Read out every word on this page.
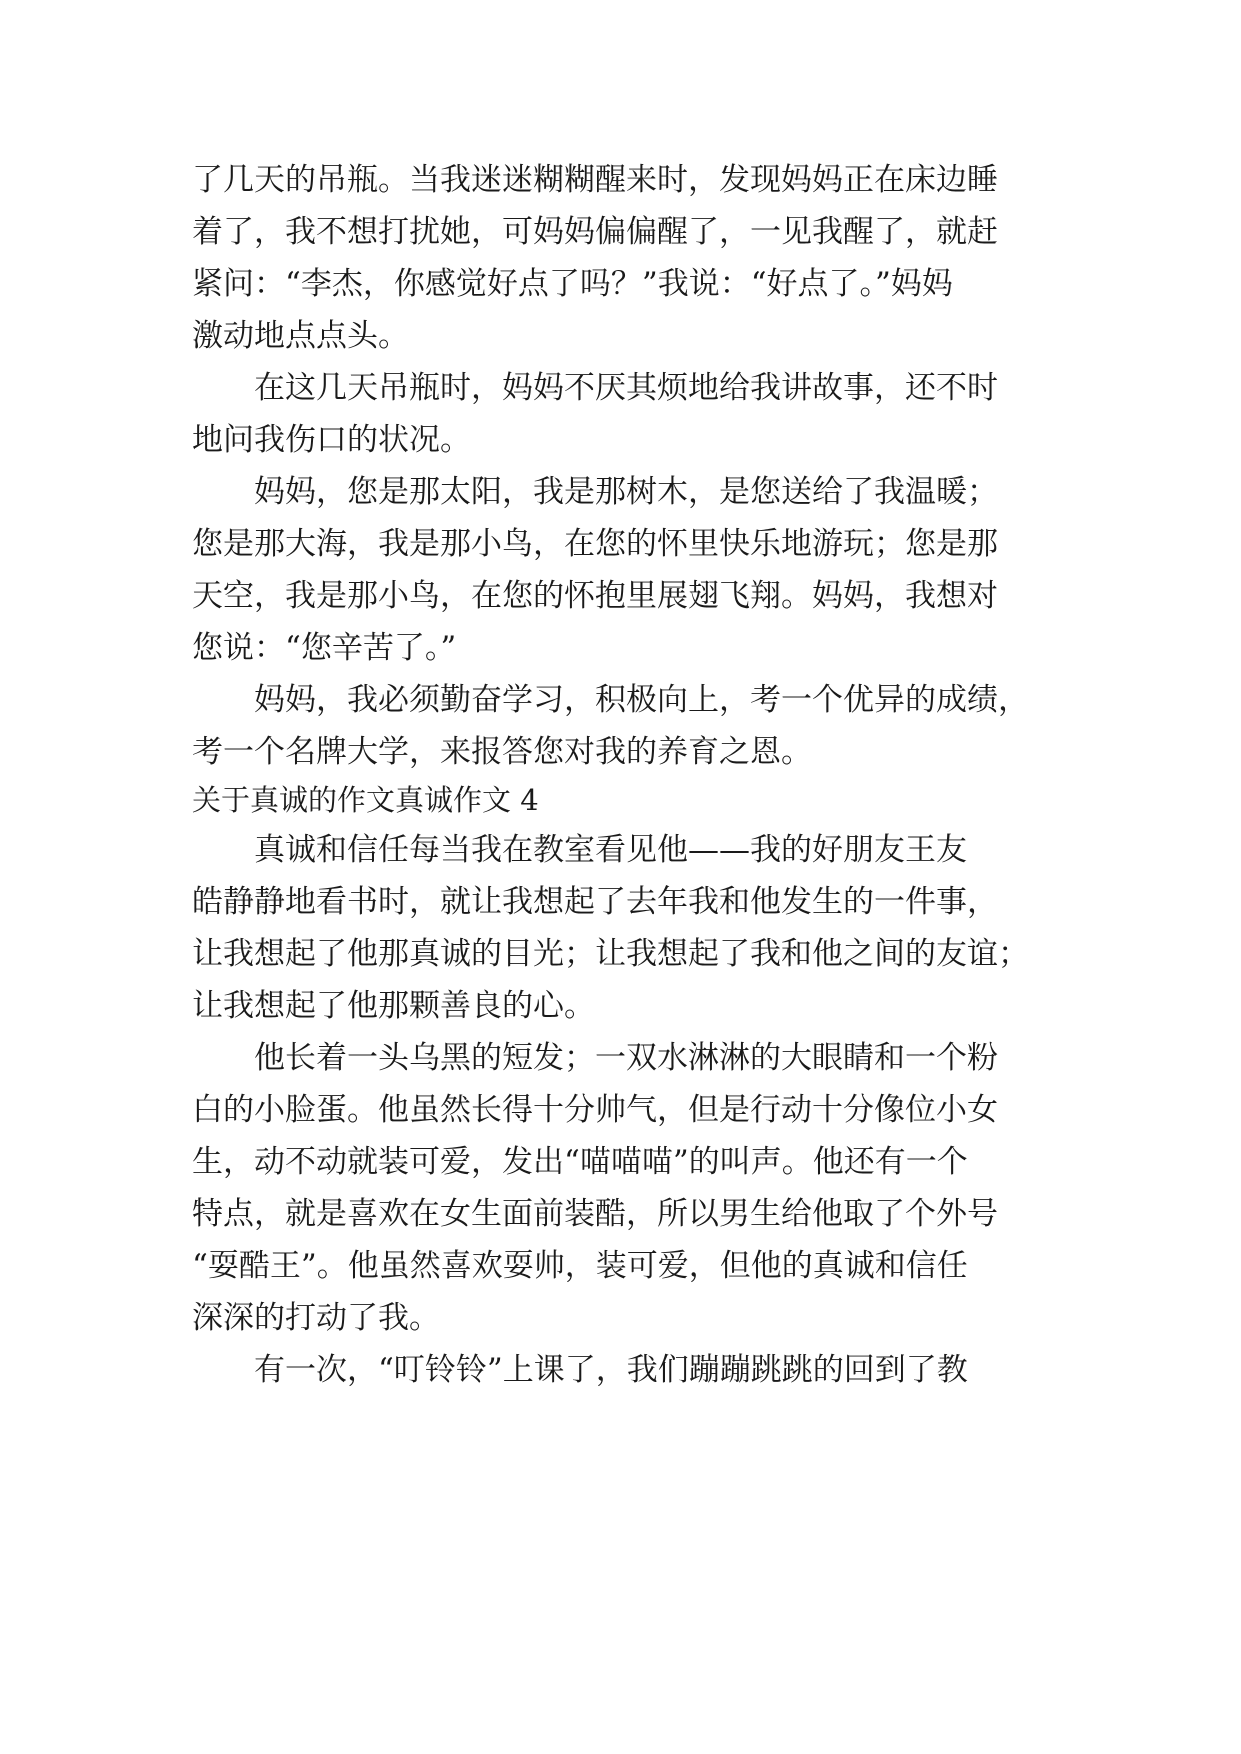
了几天的吊瓶。当我迷迷糊糊醒来时，发现妈妈正在床边睡
着了，我不想打扰她，可妈妈偏偏醒了，一见我醒了，就赶
紧问：“李杰，你感觉好点了吗？”我说：“好点了。”妈妈
激动地点点头。
在这几天吊瓶时，妈妈不厌其烦地给我讲故事，还不时
地问我伤口的状况。
妈妈，您是那太阳，我是那树木，是您送给了我温暖；
您是那大海，我是那小鸟，在您的怀里快乐地游玩；您是那
天空，我是那小鸟，在您的怀抱里展翅飞翔。妈妈，我想对
您说：“您辛苦了。”
妈妈，我必须勤奋学习，积极向上，考一个优异的成绩，
考一个名牌大学，来报答您对我的养育之恩。
关于真诚的作文真诚作文 4
真诚和信任每当我在教室看见他——我的好朋友王友
皓静静地看书时，就让我想起了去年我和他发生的一件事，
让我想起了他那真诚的目光；让我想起了我和他之间的友谊；
让我想起了他那颗善良的心。
他长着一头乌黑的短发；一双水淋淋的大眼睛和一个粉
白的小脸蛋。他虽然长得十分帅气，但是行动十分像位小女
生，动不动就装可爱，发出“喵喵喵”的叫声。他还有一个
特点，就是喜欢在女生面前装酷，所以男生给他取了个外号
“耍酷王”。他虽然喜欢耍帅，装可爱，但他的真诚和信任
深深的打动了我。
有一次，“叮铃铃”上课了，我们蹦蹦跳跳的回到了教
